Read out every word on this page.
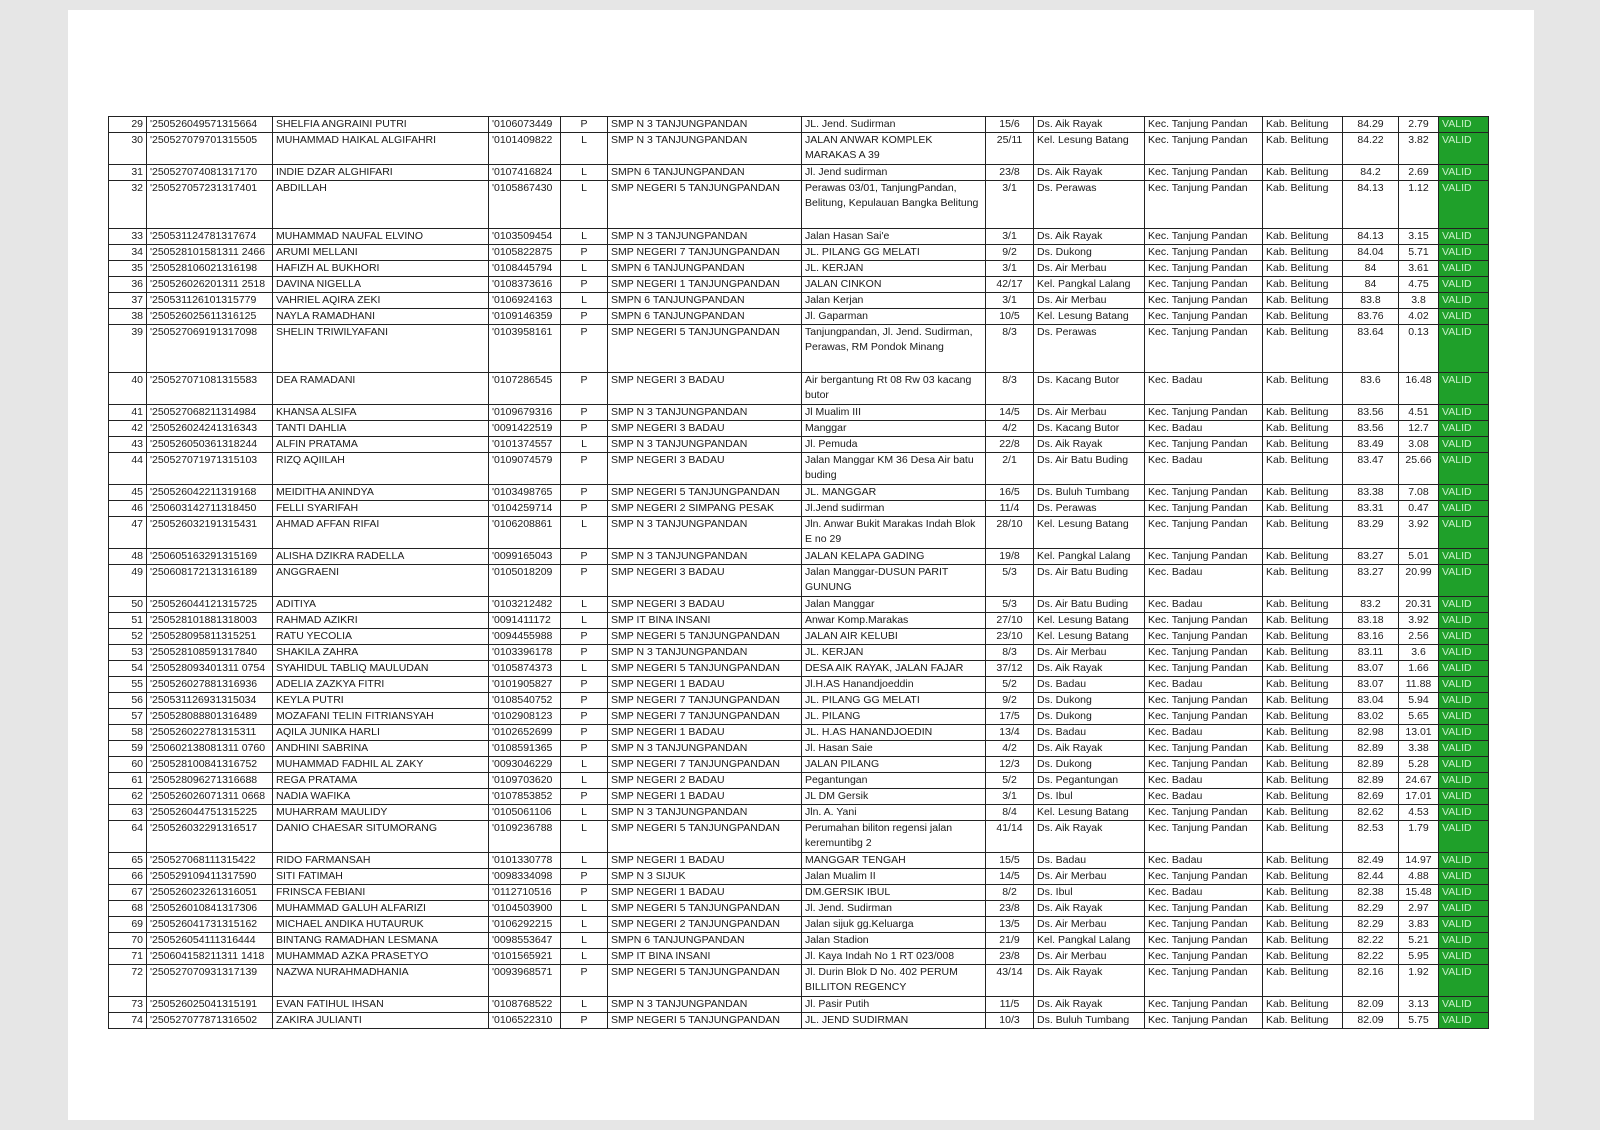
29	'250526049571315664	SHELFIA ANGRAINI PUTRI	'0106073449	P	SMP N 3 TANJUNGPANDAN	JL. Jend. Sudirman	15/6	Ds. Aik Rayak	Kec. Tanjung Pandan	Kab. Belitung	84.29	2.79	VALID
30	'250527079701315505	MUHAMMAD HAIKAL ALGIFAHRI	'0101409822	L	SMP N 3 TANJUNGPANDAN	JALAN ANWAR KOMPLEK MARAKAS A 39	25/11	Kel. Lesung Batang	Kec. Tanjung Pandan	Kab. Belitung	84.22	3.82	VALID
31	'250527074081317170	INDIE DZAR ALGHIFARI	'0107416824	L	SMPN 6 TANJUNGPANDAN	Jl. Jend sudirman	23/8	Ds. Aik Rayak	Kec. Tanjung Pandan	Kab. Belitung	84.2	2.69	VALID
32	'250527057231317401	ABDILLAH	'0105867430	L	SMP NEGERI 5 TANJUNGPANDAN	Perawas 03/01, TanjungPandan, Belitung, Kepulauan Bangka Belitung	3/1	Ds. Perawas	Kec. Tanjung Pandan	Kab. Belitung	84.13	1.12	VALID
33	'250531124781317674	MUHAMMAD NAUFAL ELVINO	'0103509454	L	SMP N 3 TANJUNGPANDAN	Jalan Hasan Sai'e	3/1	Ds. Aik Rayak	Kec. Tanjung Pandan	Kab. Belitung	84.13	3.15	VALID
34	'250528101581311 2466	ARUMI MELLANI	'0105822875	P	SMP NEGERI 7 TANJUNGPANDAN	JL. PILANG GG MELATI	9/2	Ds. Dukong	Kec. Tanjung Pandan	Kab. Belitung	84.04	5.71	VALID
35	'250528106021316198	HAFIZH AL BUKHORI	'0108445794	L	SMPN 6 TANJUNGPANDAN	JL. KERJAN	3/1	Ds. Air Merbau	Kec. Tanjung Pandan	Kab. Belitung	84	3.61	VALID
36	'250526026201311 2518	DAVINA NIGELLA	'0108373616	P	SMP NEGERI 1 TANJUNGPANDAN	JALAN CINKON	42/17	Kel. Pangkal Lalang	Kec. Tanjung Pandan	Kab. Belitung	84	4.75	VALID
37	'250531126101315779	VAHRIEL AQIRA ZEKI	'0106924163	L	SMPN 6 TANJUNGPANDAN	Jalan Kerjan	3/1	Ds. Air Merbau	Kec. Tanjung Pandan	Kab. Belitung	83.8	3.8	VALID
38	'250526025611316125	NAYLA RAMADHANI	'0109146359	P	SMPN 6 TANJUNGPANDAN	Jl. Gaparman	10/5	Kel. Lesung Batang	Kec. Tanjung Pandan	Kab. Belitung	83.76	4.02	VALID
39	'250527069191317098	SHELIN TRIWILYAFANI	'0103958161	P	SMP NEGERI 5 TANJUNGPANDAN	Tanjungpandan, Jl. Jend. Sudirman, Perawas, RM Pondok Minang	8/3	Ds. Perawas	Kec. Tanjung Pandan	Kab. Belitung	83.64	0.13	VALID
40	'250527071081315583	DEA RAMADANI	'0107286545	P	SMP NEGERI 3 BADAU	Air bergantung Rt 08 Rw 03 kacang butor	8/3	Ds. Kacang Butor	Kec. Badau	Kab. Belitung	83.6	16.48	VALID
41	'250527068211314984	KHANSA ALSIFA	'0109679316	P	SMP N 3 TANJUNGPANDAN	Jl Mualim III	14/5	Ds. Air Merbau	Kec. Tanjung Pandan	Kab. Belitung	83.56	4.51	VALID
42	'250526024241316343	TANTI DAHLIA	'0091422519	P	SMP NEGERI 3 BADAU	Manggar	4/2	Ds. Kacang Butor	Kec. Badau	Kab. Belitung	83.56	12.7	VALID
43	'250526050361318244	ALFIN PRATAMA	'0101374557	L	SMP N 3 TANJUNGPANDAN	Jl. Pemuda	22/8	Ds. Aik Rayak	Kec. Tanjung Pandan	Kab. Belitung	83.49	3.08	VALID
44	'250527071971315103	RIZQ AQIILAH	'0109074579	P	SMP NEGERI 3 BADAU	Jalan Manggar KM 36 Desa Air batu buding	2/1	Ds. Air Batu Buding	Kec. Badau	Kab. Belitung	83.47	25.66	VALID
45	'250526042211319168	MEIDITHA ANINDYA	'0103498765	P	SMP NEGERI 5 TANJUNGPANDAN	JL. MANGGAR	16/5	Ds. Buluh Tumbang	Kec. Tanjung Pandan	Kab. Belitung	83.38	7.08	VALID
46	'250603142711318450	FELLI SYARIFAH	'0104259714	P	SMP NEGERI 2 SIMPANG PESAK	Jl.Jend sudirman	11/4	Ds. Perawas	Kec. Tanjung Pandan	Kab. Belitung	83.31	0.47	VALID
47	'250526032191315431	AHMAD AFFAN RIFAI	'0106208861	L	SMP N 3 TANJUNGPANDAN	Jln. Anwar Bukit Marakas Indah Blok E no 29	28/10	Kel. Lesung Batang	Kec. Tanjung Pandan	Kab. Belitung	83.29	3.92	VALID
48	'250605163291315169	ALISHA DZIKRA RADELLA	'0099165043	P	SMP N 3 TANJUNGPANDAN	JALAN KELAPA GADING	19/8	Kel. Pangkal Lalang	Kec. Tanjung Pandan	Kab. Belitung	83.27	5.01	VALID
49	'250608172131316189	ANGGRAENI	'0105018209	P	SMP NEGERI 3 BADAU	Jalan Manggar-DUSUN PARIT GUNUNG	5/3	Ds. Air Batu Buding	Kec. Badau	Kab. Belitung	83.27	20.99	VALID
50	'250526044121315725	ADITIYA	'0103212482	L	SMP NEGERI 3 BADAU	Jalan Manggar	5/3	Ds. Air Batu Buding	Kec. Badau	Kab. Belitung	83.2	20.31	VALID
51	'250528101881318003	RAHMAD AZIKRI	'0091411172	L	SMP IT BINA INSANI	Anwar Komp.Marakas	27/10	Kel. Lesung Batang	Kec. Tanjung Pandan	Kab. Belitung	83.18	3.92	VALID
52	'250528095811315251	RATU YECOLIA	'0094455988	P	SMP NEGERI 5 TANJUNGPANDAN	JALAN AIR KELUBI	23/10	Kel. Lesung Batang	Kec. Tanjung Pandan	Kab. Belitung	83.16	2.56	VALID
53	'250528108591317840	SHAKILA ZAHRA	'0103396178	P	SMP N 3 TANJUNGPANDAN	JL. KERJAN	8/3	Ds. Air Merbau	Kec. Tanjung Pandan	Kab. Belitung	83.11	3.6	VALID
54	'250528093401311 0754	SYAHIDUL TABLIQ MAULUDAN	'0105874373	L	SMP NEGERI 5 TANJUNGPANDAN	DESA AIK RAYAK, JALAN FAJAR	37/12	Ds. Aik Rayak	Kec. Tanjung Pandan	Kab. Belitung	83.07	1.66	VALID
55	'250526027881316936	ADELIA ZAZKYA FITRI	'0101905827	P	SMP NEGERI 1 BADAU	Jl.H.AS Hanandjoeddin	5/2	Ds. Badau	Kec. Badau	Kab. Belitung	83.07	11.88	VALID
56	'250531126931315034	KEYLA PUTRI	'0108540752	P	SMP NEGERI 7 TANJUNGPANDAN	JL. PILANG GG MELATI	9/2	Ds. Dukong	Kec. Tanjung Pandan	Kab. Belitung	83.04	5.94	VALID
57	'250528088801316489	MOZAFANI TELIN FITRIANSYAH	'0102908123	P	SMP NEGERI 7 TANJUNGPANDAN	JL. PILANG	17/5	Ds. Dukong	Kec. Tanjung Pandan	Kab. Belitung	83.02	5.65	VALID
58	'250526022781315311	AQILA JUNIKA HARLI	'0102652699	P	SMP NEGERI 1 BADAU	JL. H.AS HANANDJOEDIN	13/4	Ds. Badau	Kec. Badau	Kab. Belitung	82.98	13.01	VALID
59	'250602138081311 0760	ANDHINI SABRINA	'0108591365	P	SMP N 3 TANJUNGPANDAN	Jl. Hasan Saie	4/2	Ds. Aik Rayak	Kec. Tanjung Pandan	Kab. Belitung	82.89	3.38	VALID
60	'250528100841316752	MUHAMMAD FADHIL AL ZAKY	'0093046229	L	SMP NEGERI 7 TANJUNGPANDAN	JALAN PILANG	12/3	Ds. Dukong	Kec. Tanjung Pandan	Kab. Belitung	82.89	5.28	VALID
61	'250528096271316688	REGA PRATAMA	'0109703620	L	SMP NEGERI 2 BADAU	Pegantungan	5/2	Ds. Pegantungan	Kec. Badau	Kab. Belitung	82.89	24.67	VALID
62	'250526026071311 0668	NADIA WAFIKA	'0107853852	P	SMP NEGERI 1 BADAU	JL DM Gersik	3/1	Ds. Ibul	Kec. Badau	Kab. Belitung	82.69	17.01	VALID
63	'250526044751315225	MUHARRAM MAULIDY	'0105061106	L	SMP N 3 TANJUNGPANDAN	Jln. A. Yani	8/4	Kel. Lesung Batang	Kec. Tanjung Pandan	Kab. Belitung	82.62	4.53	VALID
64	'250526032291316517	DANIO CHAESAR SITUMORANG	'0109236788	L	SMP NEGERI 5 TANJUNGPANDAN	Perumahan biliton regensi jalan keremuntibg 2	41/14	Ds. Aik Rayak	Kec. Tanjung Pandan	Kab. Belitung	82.53	1.79	VALID
65	'250527068111315422	RIDO FARMANSAH	'0101330778	L	SMP NEGERI 1 BADAU	MANGGAR TENGAH	15/5	Ds. Badau	Kec. Badau	Kab. Belitung	82.49	14.97	VALID
66	'250529109411317590	SITI FATIMAH	'0098334098	P	SMP N 3 SIJUK	Jalan Mualim II	14/5	Ds. Air Merbau	Kec. Tanjung Pandan	Kab. Belitung	82.44	4.88	VALID
67	'250526023261316051	FRINSCA FEBIANI	'0112710516	P	SMP NEGERI 1 BADAU	DM.GERSIK IBUL	8/2	Ds. Ibul	Kec. Badau	Kab. Belitung	82.38	15.48	VALID
68	'250526010841317306	MUHAMMAD GALUH ALFARIZI	'0104503900	L	SMP NEGERI 5 TANJUNGPANDAN	Jl. Jend. Sudirman	23/8	Ds. Aik Rayak	Kec. Tanjung Pandan	Kab. Belitung	82.29	2.97	VALID
69	'250526041731315162	MICHAEL ANDIKA HUTAURUK	'0106292215	L	SMP NEGERI 2 TANJUNGPANDAN	Jalan sijuk gg.Keluarga	13/5	Ds. Air Merbau	Kec. Tanjung Pandan	Kab. Belitung	82.29	3.83	VALID
70	'250526054111316444	BINTANG RAMADHAN LESMANA	'0098553647	L	SMPN 6 TANJUNGPANDAN	Jalan Stadion	21/9	Kel. Pangkal Lalang	Kec. Tanjung Pandan	Kab. Belitung	82.22	5.21	VALID
71	'250604158211311 1418	MUHAMMAD AZKA PRASETYO	'0101565921	L	SMP IT BINA INSANI	Jl. Kaya Indah No 1 RT 023/008	23/8	Ds. Air Merbau	Kec. Tanjung Pandan	Kab. Belitung	82.22	5.95	VALID
72	'250527070931317139	NAZWA NURAHMADHANIA	'0093968571	P	SMP NEGERI 5 TANJUNGPANDAN	Jl. Durin Blok D No. 402 PERUM BILLITON REGENCY	43/14	Ds. Aik Rayak	Kec. Tanjung Pandan	Kab. Belitung	82.16	1.92	VALID
73	'250526025041315191	EVAN FATIHUL IHSAN	'0108768522	L	SMP N 3 TANJUNGPANDAN	Jl. Pasir Putih	11/5	Ds. Aik Rayak	Kec. Tanjung Pandan	Kab. Belitung	82.09	3.13	VALID
74	'250527077871316502	ZAKIRA JULIANTI	'0106522310	P	SMP NEGERI 5 TANJUNGPANDAN	JL. JEND SUDIRMAN	10/3	Ds. Buluh Tumbang	Kec. Tanjung Pandan	Kab. Belitung	82.09	5.75	VALID
